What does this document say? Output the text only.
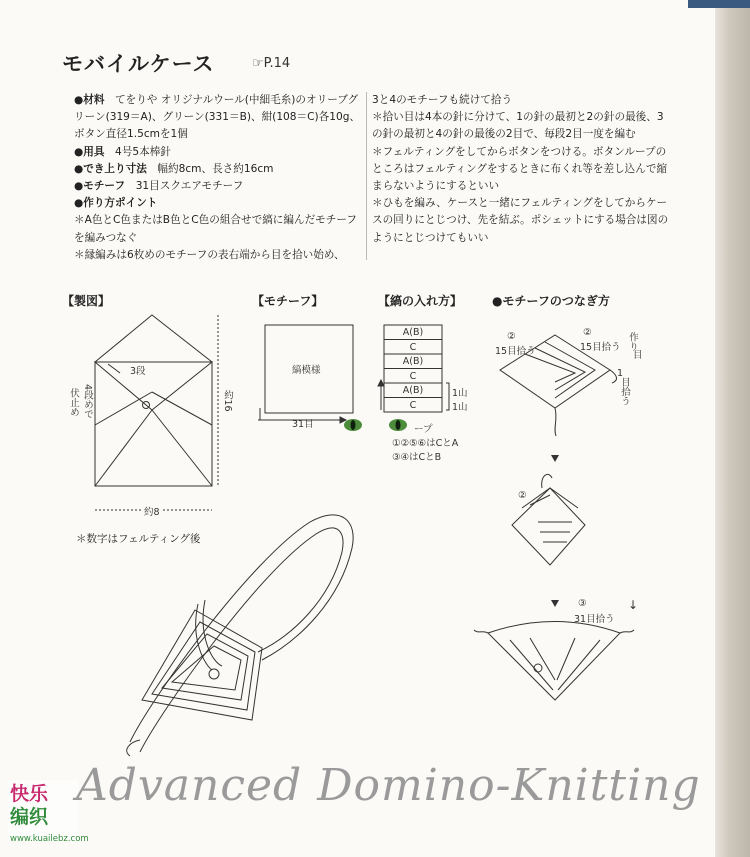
モバイルケース	☞P.14

●材料　 てをりや オリジナルウール(中細毛糸)のオリーブグリーン(319＝A)、グリーン(331＝B)、紺(108＝C)各10g、ボタン直径1.5cmを1個

●用具　 4号5本棒針

●でき上り寸法　 幅約8cm、長さ約16cm

●モチーフ　 31目スクエアモチーフ

●作り方ポイント

＊A色とC色またはB色とC色の組合せで縞に編んだモチーフを編みつなぐ

＊縁編みは6枚めのモチーフの表右端から目を拾い始め、

3と4のモチーフも続けて拾う

＊拾い目は4本の針に分けて、1の針の最初と2の針の最後、3の針の最初と4の針の最後の2目で、毎段2目一度を編む

＊フェルティングをしてからボタンをつける。ボタンループのところはフェルティングをするときに布くれ等を差し込んで縮まらないようにするといい

＊ひもを編み、ケースと一緒にフェルティングをしてからケースの回りにとじつけ、先を結ぶ。ポシェットにする場合は図のようにとじつけてもいい

【製図】	【モチーフ】	【縞の入れ方】 ●モチーフのつなぎ方
3段
伏止め 4段めで	約16
約8
＊数字はフェルティング後
縞模様
31目
A(B)
C
A(B)
C
A(B)
C
1山
1山
ープ
①②⑤⑥はCとA
③④はCとB
②
15目拾う
②
15目拾う 作り
目
1
目拾う
②
③
31目拾う
↓
Advanced Domino-Knitting
快乐
编织
www.kuailebz.com
